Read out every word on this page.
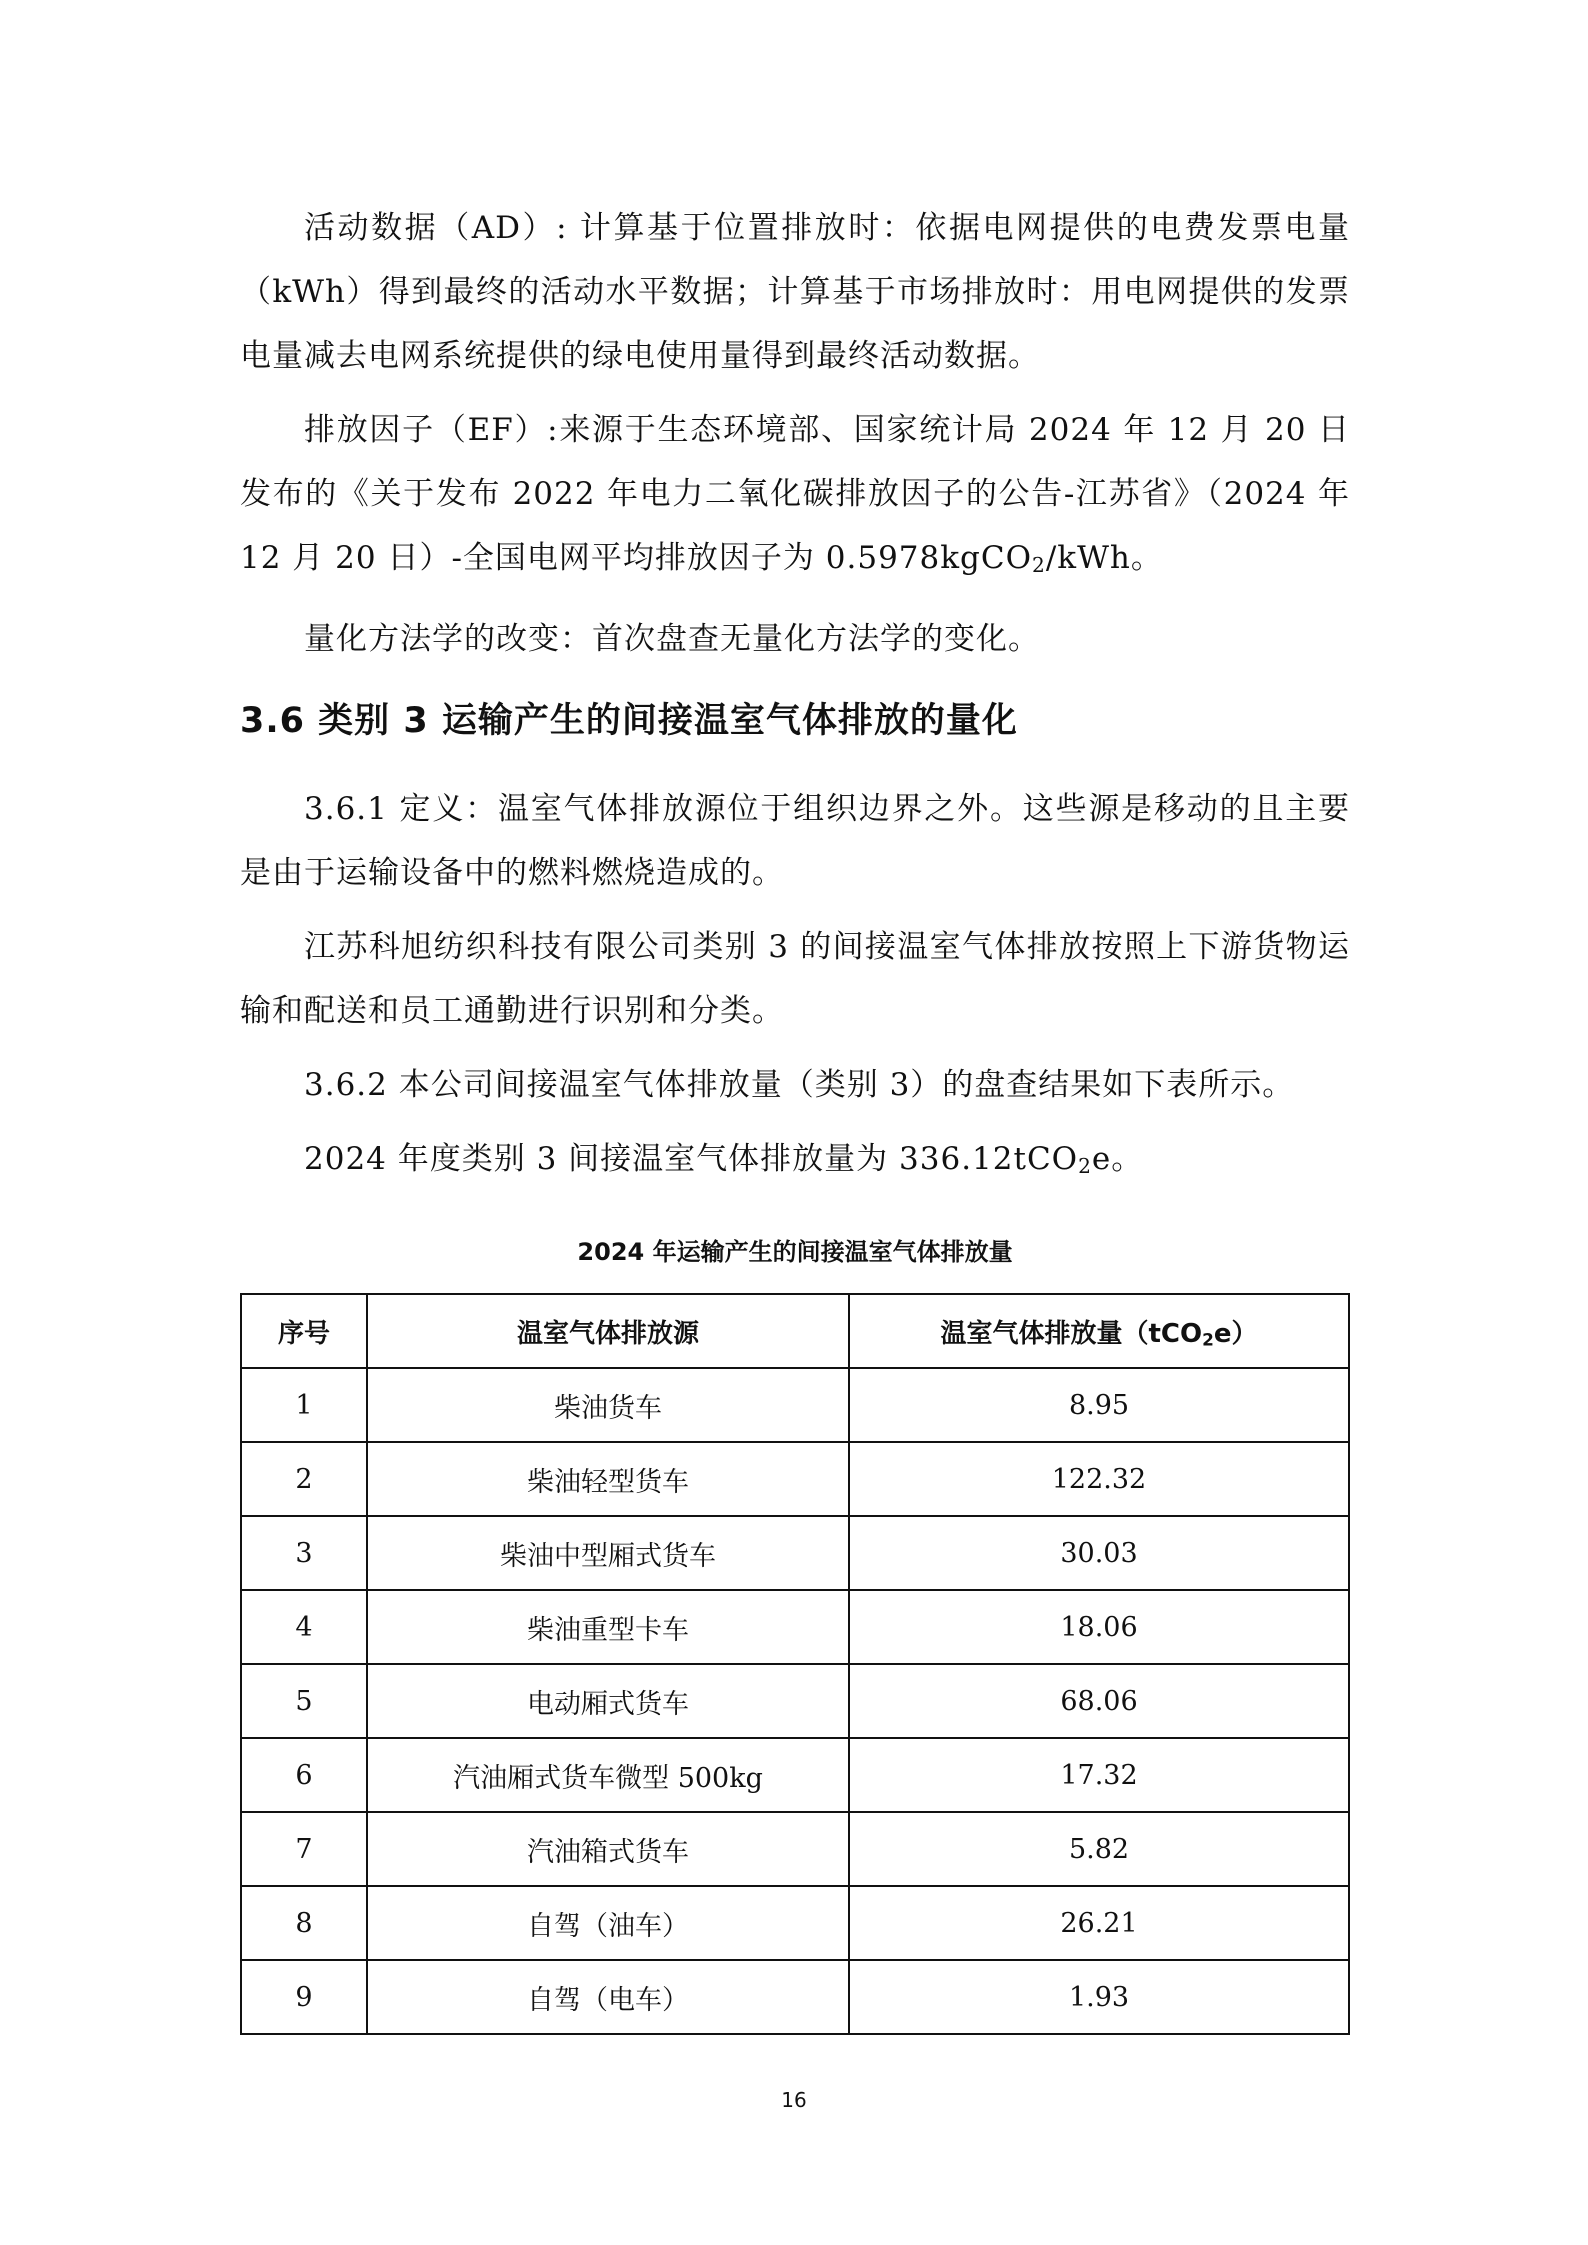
活动数据（AD）: 计算基于位置排放时：依据电网提供的电费发票电量（kWh）得到最终的活动水平数据；计算基于市场排放时：用电网提供的发票电量减去电网系统提供的绿电使用量得到最终活动数据。

排放因子（EF）:来源于生态环境部、国家统计局 2024 年 12 月 20 日发布的《关于发布 2022 年电力二氧化碳排放因子的公告-江苏省》（2024 年 12 月 20 日）-全国电网平均排放因子为 0.5978kgCO$_2$/kWh。

量化方法学的改变：首次盘查无量化方法学的变化。

3.6 类别 3 运输产生的间接温室气体排放的量化

3.6.1 定义：温室气体排放源位于组织边界之外。这些源是移动的且主要是由于运输设备中的燃料燃烧造成的。

江苏科旭纺织科技有限公司类别 3 的间接温室气体排放按照上下游货物运输和配送和员工通勤进行识别和分类。

3.6.2 本公司间接温室气体排放量（类别 3）的盘查结果如下表所示。

2024 年度类别 3 间接温室气体排放量为 336.12tCO$_2$e。

2024 年运输产生的间接温室气体排放量
序号	温室气体排放源	温室气体排放量（tCO$_2$e）
1	柴油货车	8.95
2	柴油轻型货车	122.32
3	柴油中型厢式货车	30.03
4	柴油重型卡车	18.06
5	电动厢式货车	68.06
6	汽油厢式货车微型 500kg	17.32
7	汽油箱式货车	5.82
8	自驾（油车）	26.21
9	自驾（电车）	1.93
16
